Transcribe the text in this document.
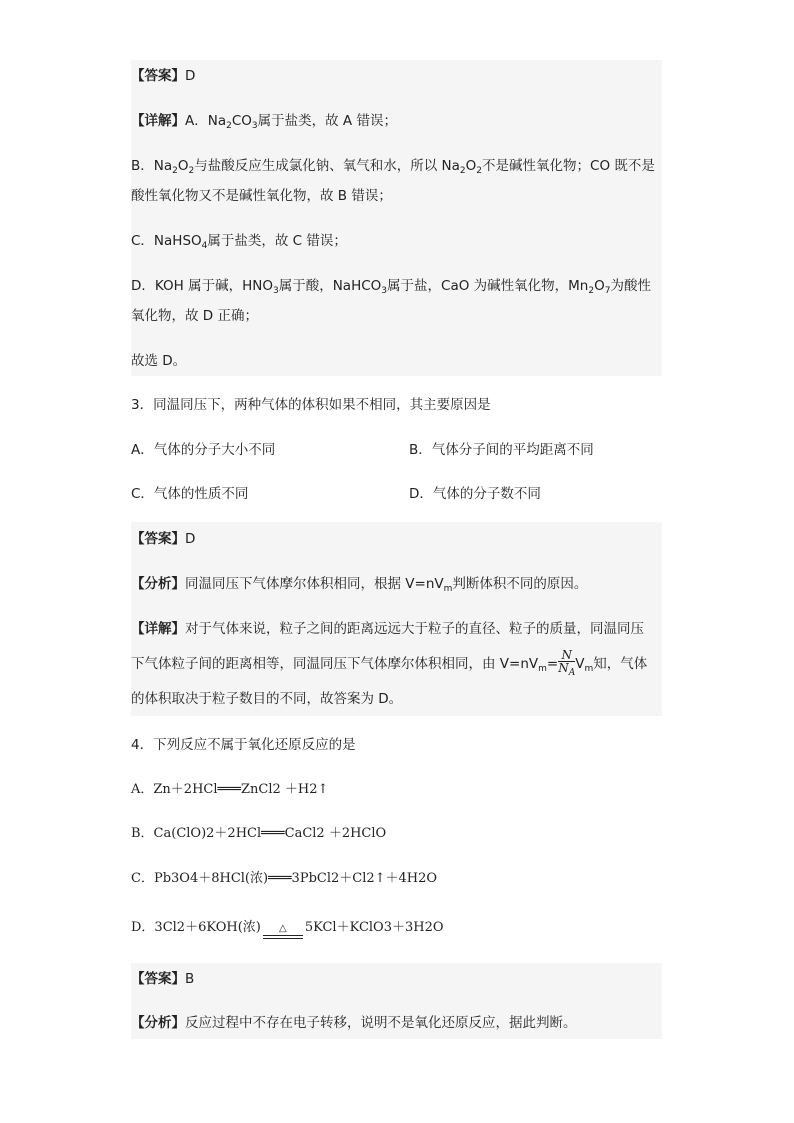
【答案】D
【详解】A．$Na_2CO_3$属于盐类，故 A 错误；
B．$Na_2O_2$与盐酸反应生成氯化钠、氧气和水，所以 $Na_2O_2$不是碱性氧化物；CO 既不是
酸性氧化物又不是碱性氧化物，故 B 错误；
C．NaHSO$_4$属于盐类，故 C 错误；
D．KOH 属于碱，$HNO_3$属于酸，NaHCO$_3$属于盐，CaO 为碱性氧化物，$Mn_2O_7$为酸性
氧化物，故 D 正确；
故选 D。
3．同温同压下，两种气体的体积如果不相同，其主要原因是
A．气体的分子大小不同	B．气体分子间的平均距离不同
C．气体的性质不同	D．气体的分子数不同
【答案】D
【分析】同温同压下气体摩尔体积相同，根据 $V=nV_m$判断体积不同的原因。
【详解】对于气体来说，粒子之间的距离远远大于粒子的直径、粒子的质量，同温同压
下气体粒子间的距离相等，同温同压下气体摩尔体积相同，由 $V=nV_m= \frac{N}{N_A} V_m$知，气体
的体积取决于粒子数目的不同，故答案为 D。
4．下列反应不属于氧化还原反应的是
A．Zn＋2HCl═══ZnCl2 ＋H2↑
B．Ca(ClO)2＋2HCl═══CaCl2 ＋2HClO
C．Pb3O4＋8HCl(浓)═══3PbCl2＋Cl2↑＋4H2O
D．3Cl2＋6KOH(浓) △ 5KCl＋KClO3＋3H2O
【答案】B
【分析】反应过程中不存在电子转移，说明不是氧化还原反应，据此判断。
